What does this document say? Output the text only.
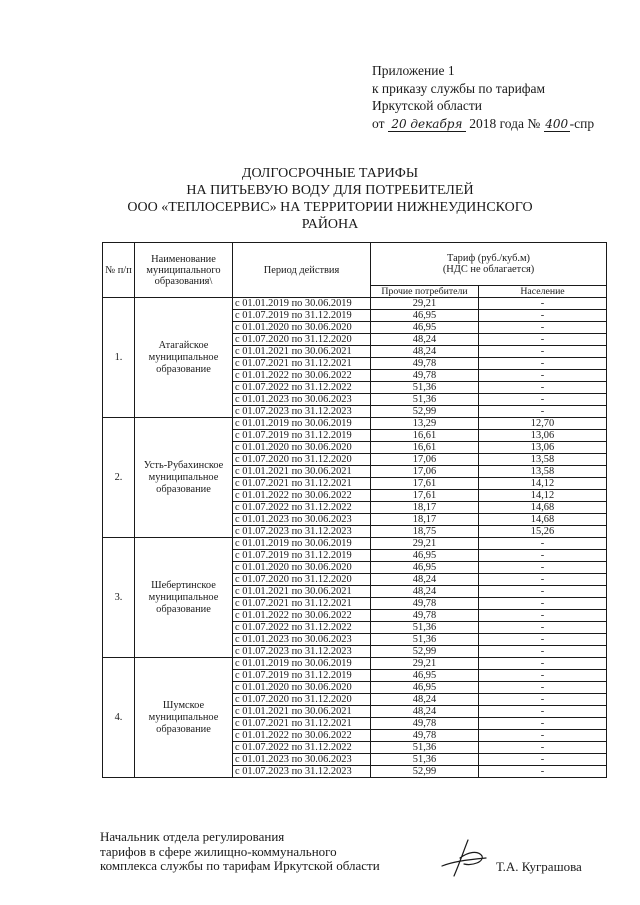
Приложение 1
к приказу службы по тарифам
Иркутской области
от 20 декабря 2018 года № 400 -спр
ДОЛГОСРОЧНЫЕ ТАРИФЫ
НА ПИТЬЕВУЮ ВОДУ ДЛЯ ПОТРЕБИТЕЛЕЙ
ООО «ТЕПЛОСЕРВИС» НА ТЕРРИТОРИИ НИЖНЕУДИНСКОГО
РАЙОНА
№ п/п	Наименование муниципального образования\	Период действия	Тариф (руб./куб.м)
(НДС не облагается)	

			Прочие потребители	Население
1.	Атагайское муниципальное образование	с 01.01.2019 по 30.06.2019	29,21	-
		с 01.07.2019 по 31.12.2019	46,95	-
		с 01.01.2020 по 30.06.2020	46,95	-
		с 01.07.2020 по 31.12.2020	48,24	-
		с 01.01.2021 по 30.06.2021	48,24	-
		с 01.07.2021 по 31.12.2021	49,78	-
		с 01.01.2022 по 30.06.2022	49,78	-
		с 01.07.2022 по 31.12.2022	51,36	-
		с 01.01.2023 по 30.06.2023	51,36	-
		с 01.07.2023 по 31.12.2023	52,99	-
2.	Усть-Рубахинское муниципальное образование	с 01.01.2019 по 30.06.2019	13,29	12,70
		с 01.07.2019 по 31.12.2019	16,61	13,06
		с 01.01.2020 по 30.06.2020	16,61	13,06
		с 01.07.2020 по 31.12.2020	17,06	13,58
		с 01.01.2021 по 30.06.2021	17,06	13,58
		с 01.07.2021 по 31.12.2021	17,61	14,12
		с 01.01.2022 по 30.06.2022	17,61	14,12
		с 01.07.2022 по 31.12.2022	18,17	14,68
		с 01.01.2023 по 30.06.2023	18,17	14,68
		с 01.07.2023 по 31.12.2023	18,75	15,26
3.	Шебертинское муниципальное образование	с 01.01.2019 по 30.06.2019	29,21	-
		с 01.07.2019 по 31.12.2019	46,95	-
		с 01.01.2020 по 30.06.2020	46,95	-
		с 01.07.2020 по 31.12.2020	48,24	-
		с 01.01.2021 по 30.06.2021	48,24	-
		с 01.07.2021 по 31.12.2021	49,78	-
		с 01.01.2022 по 30.06.2022	49,78	-
		с 01.07.2022 по 31.12.2022	51,36	-
		с 01.01.2023 по 30.06.2023	51,36	-
		с 01.07.2023 по 31.12.2023	52,99	-
4.	Шумское муниципальное образование	с 01.01.2019 по 30.06.2019	29,21	-
		с 01.07.2019 по 31.12.2019	46,95	-
		с 01.01.2020 по 30.06.2020	46,95	-
		с 01.07.2020 по 31.12.2020	48,24	-
		с 01.01.2021 по 30.06.2021	48,24	-
		с 01.07.2021 по 31.12.2021	49,78	-
		с 01.01.2022 по 30.06.2022	49,78	-
		с 01.07.2022 по 31.12.2022	51,36	-
		с 01.01.2023 по 30.06.2023	51,36	-
		с 01.07.2023 по 31.12.2023	52,99	-
Начальник отдела регулирования
тарифов в сфере жилищно-коммунального
комплекса службы по тарифам Иркутской области	Т.А. Куграшова
